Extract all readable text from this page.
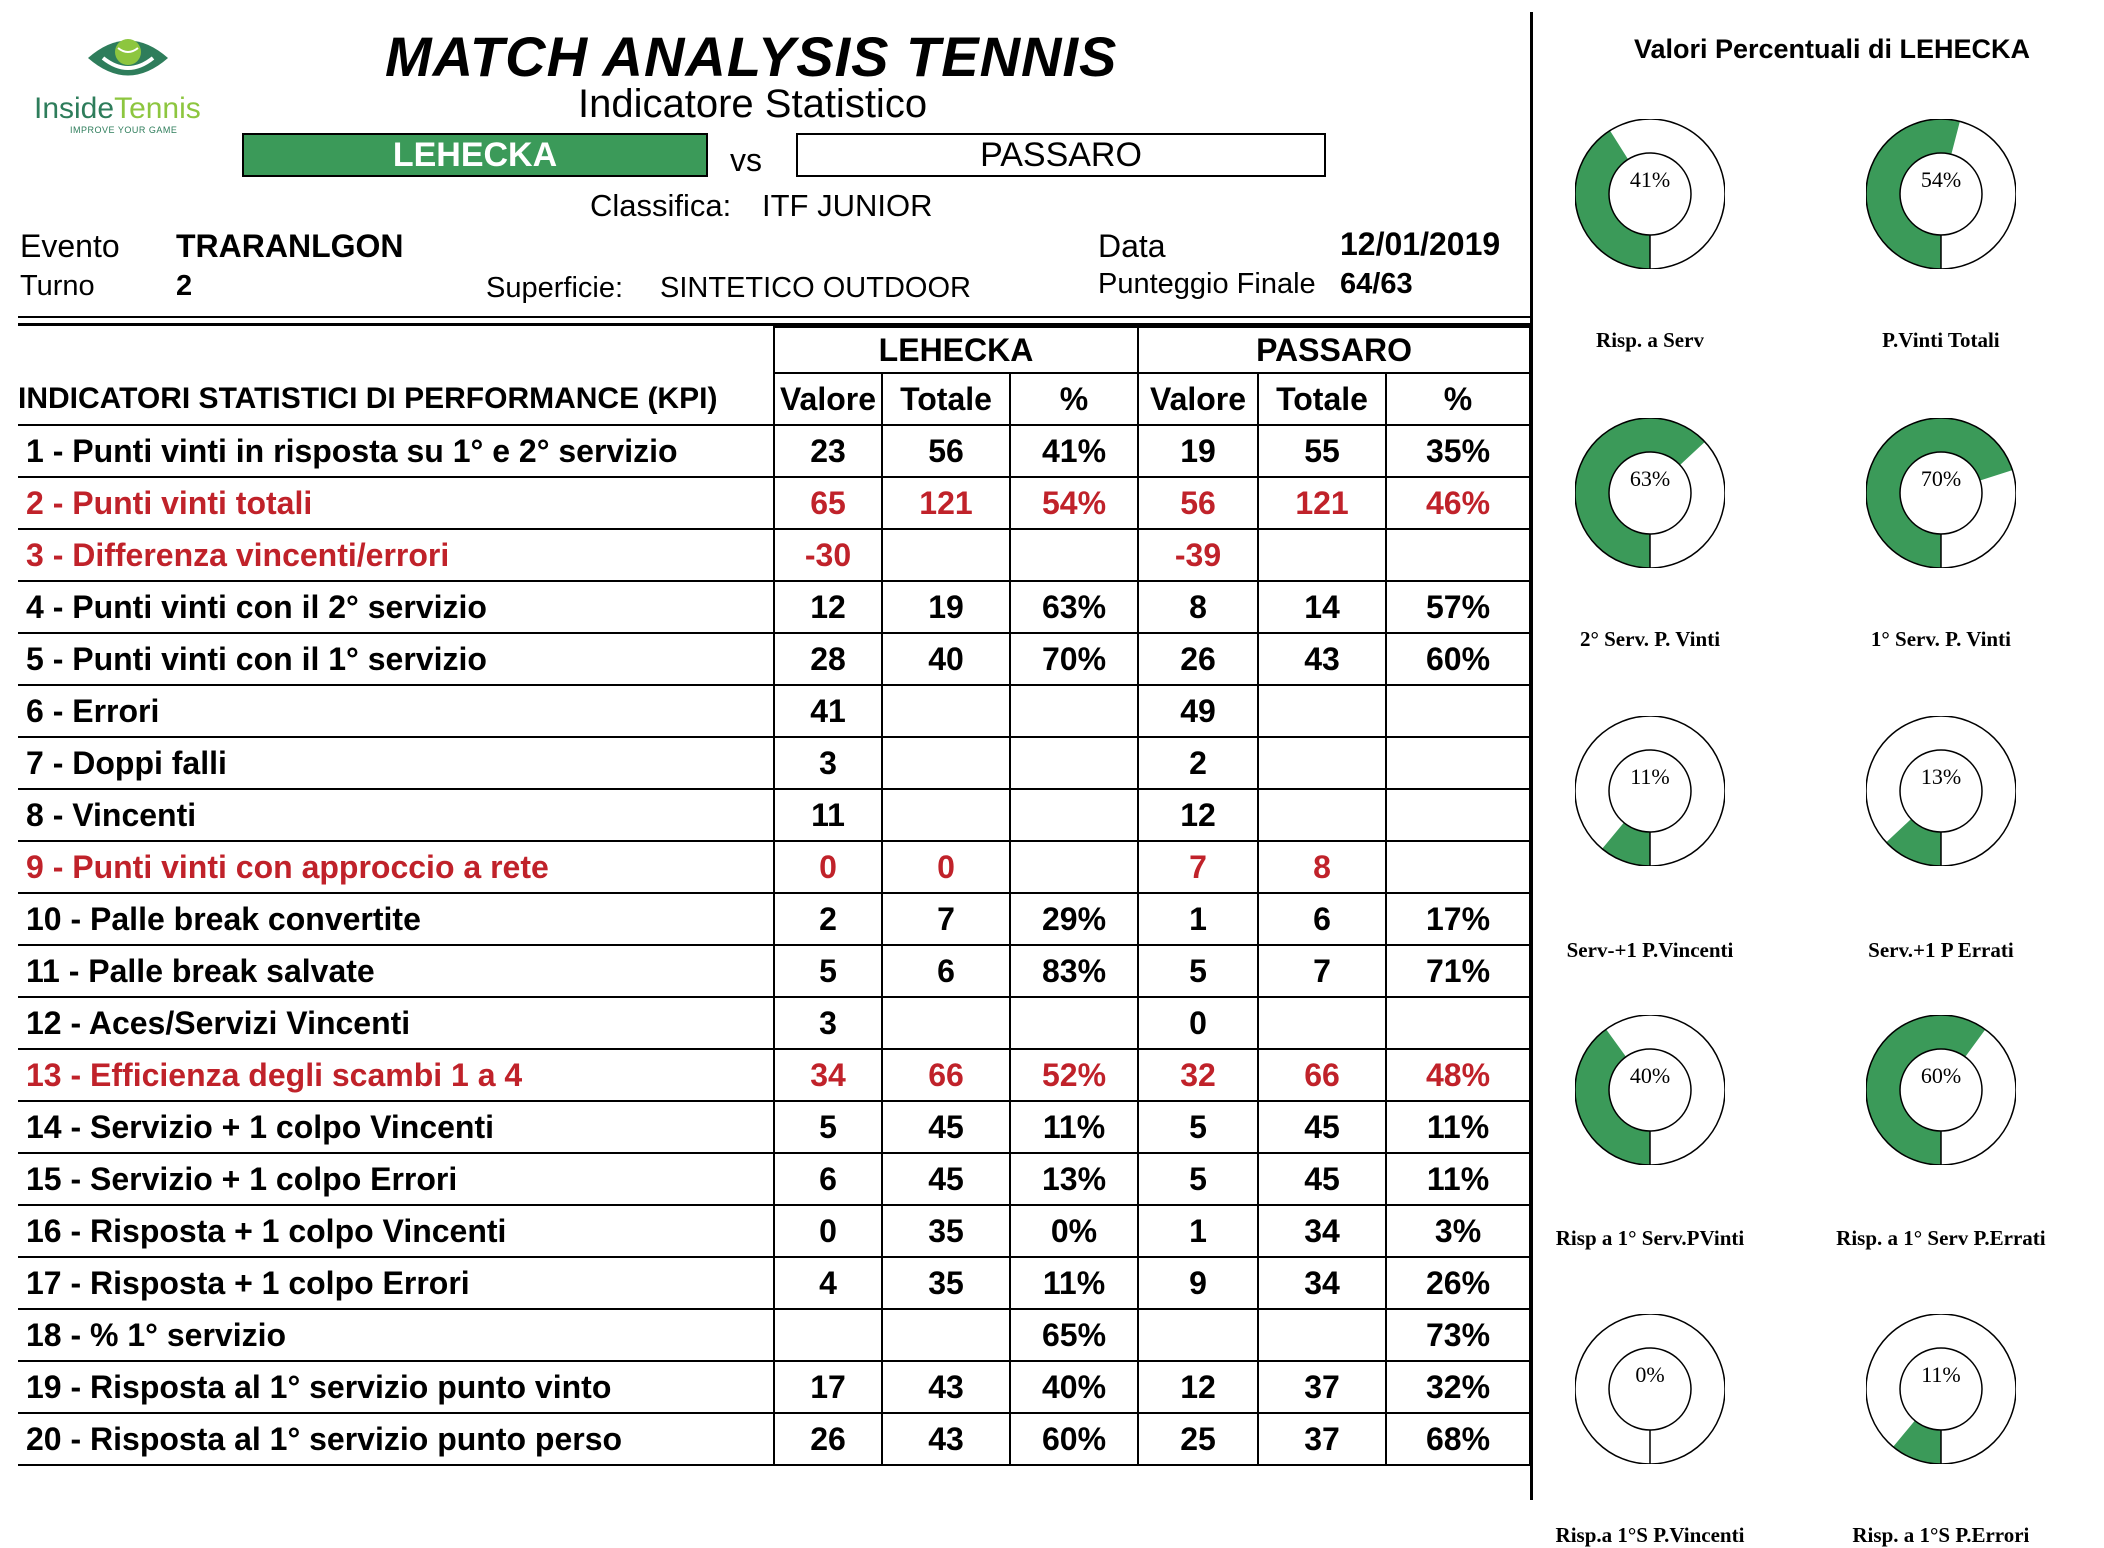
InsideTennis
IMPROVE YOUR GAME
MATCH ANALYSIS TENNIS
Indicatore Statistico
LEHECKA	vs	PASSARO
Classifica: ITF JUNIOR
Evento TRARANLGON
Turno	2	Superficie: SINTETICO OUTDOOR
Data	12/01/2019
Punteggio Finale 64/63
	LEHECKA			PASSARO		
INDICATORI STATISTICI DI PERFORMANCE (KPI)	Valore	Totale	%	Valore	Totale	%
1 - Punti vinti in risposta su 1° e 2° servizio	23	56	41%	19	55	35%
2 - Punti vinti totali	65	121	54%	56	121	46%
3 - Differenza vincenti/errori	-30			-39		
4 - Punti vinti con il 2° servizio	12	19	63%	8	14	57%
5 - Punti vinti con il 1° servizio	28	40	70%	26	43	60%
6 - Errori	41			49		
7 - Doppi falli	3			2		
8 - Vincenti	11			12		
9 - Punti vinti con approccio a rete	0	0		7	8	
10 - Palle break convertite	2	7	29%	1	6	17%
11 - Palle break salvate	5	6	83%	5	7	71%
12 - Aces/Servizi Vincenti	3			0		
13 - Efficienza degli scambi 1 a 4	34	66	52%	32	66	48%
14 - Servizio + 1 colpo Vincenti	5	45	11%	5	45	11%
15 - Servizio + 1 colpo Errori	6	45	13%	5	45	11%
16 - Risposta + 1 colpo Vincenti	0	35	0%	1	34	3%
17 - Risposta + 1 colpo Errori	4	35	11%	9	34	26%
18 - % 1° servizio			65%			73%
19 - Risposta al 1° servizio punto vinto	17	43	40%	12	37	32%
20 - Risposta al 1° servizio punto perso	26	43	60%	25	37	68%
Valori Percentuali di LEHECKA
41%
Risp. a Serv
54%
P.Vinti Totali
63%
2° Serv. P. Vinti
70%
1° Serv. P. Vinti
11%
Serv-+1 P.Vincenti
13%
Serv.+1 P Errati
40%
Risp a 1° Serv.PVinti
60%
Risp. a 1° Serv P.Errati
0%
Risp.a 1°S P.Vincenti
11%
Risp. a 1°S P.Errori
